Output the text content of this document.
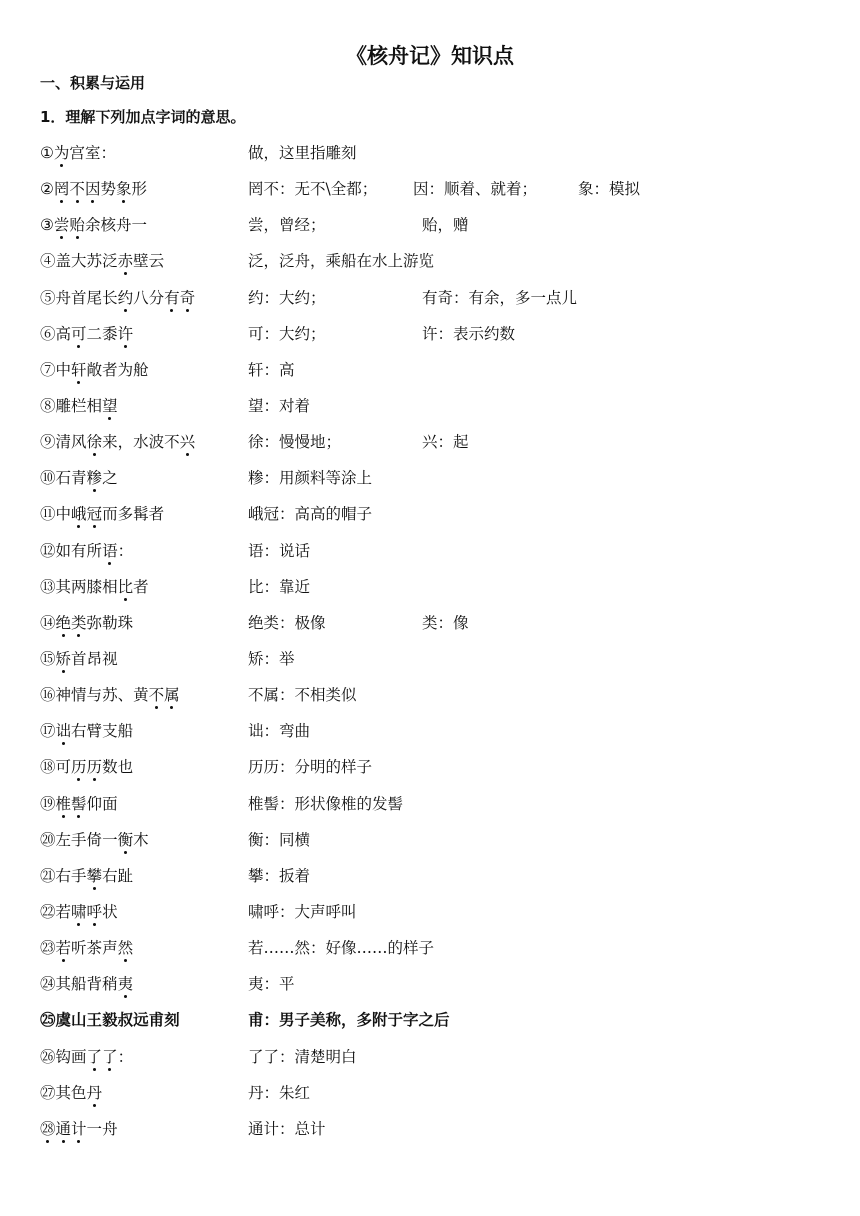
《核舟记》知识点
一、积累与运用
1．理解下列加点字词的意思。
①为宫室：	做，这里指雕刻
②罔不因势象形	罔不：无不\全都； 因：顺着、就着；	象：模拟
③尝贻余核舟一	尝，曾经；	贻，赠
④盖大苏泛赤壁云	泛，泛舟，乘船在水上游览
⑤舟首尾长约八分有奇	约：大约；	有奇：有余，多一点儿
⑥高可二黍许	可：大约；	许：表示约数
⑦中轩敞者为舱	轩：高
⑧雕栏相望	望：对着
⑨清风徐来，水波不兴	徐：慢慢地；	兴：起
⑩石青糁之	糁：用颜料等涂上
⑪中峨冠而多髯者	峨冠：高高的帽子
⑫如有所语：	语：说话
⑬其两膝相比者	比：靠近
⑭绝类弥勒珠	绝类：极像	类：像
⑮矫首昂视	矫：举
⑯神情与苏、黄不属	不属：不相类似
⑰诎右臂支船	诎：弯曲
⑱可历历数也	历历：分明的样子
⑲椎髻仰面	椎髻：形状像椎的发髻
⑳左手倚一衡木	衡：同横
㉑右手攀右趾	攀：扳着
㉒若啸呼状	啸呼：大声呼叫
㉓若听茶声然	若……然：好像……的样子
㉔其船背稍夷	夷：平
㉕虞山王毅叔远甫刻	甫：男子美称，多附于字之后
㉖钩画了了：	了了：清楚明白
㉗其色丹	丹：朱红
㉘通计一舟	通计：总计
